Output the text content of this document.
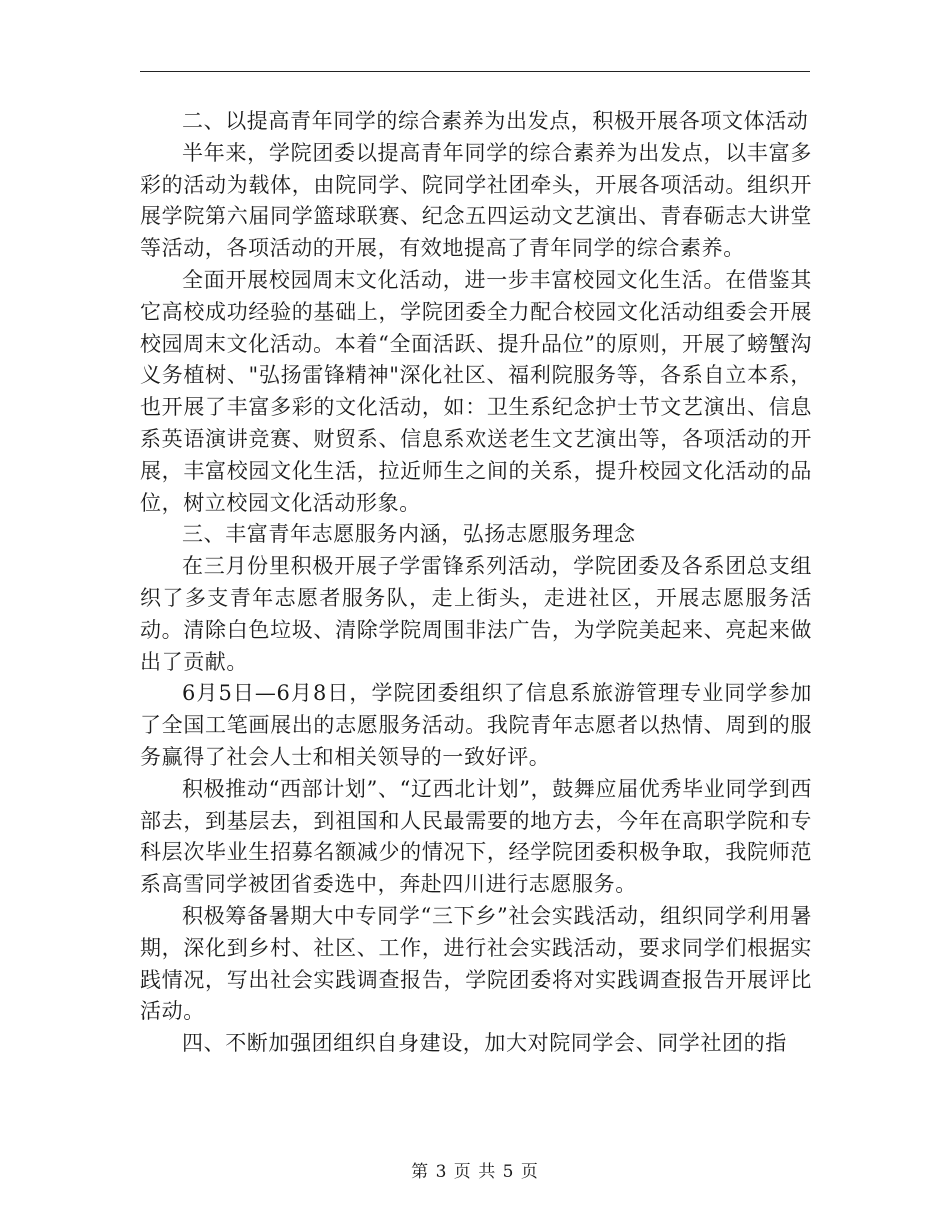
二、以提高青年同学的综合素养为出发点，积极开展各项文体活动

半年来，学院团委以提高青年同学的综合素养为出发点，以丰富多彩的活动为载体，由院同学、院同学社团牵头，开展各项活动。组织开展学院第六届同学篮球联赛、纪念五四运动文艺演出、青春砺志大讲堂等活动，各项活动的开展，有效地提高了青年同学的综合素养。

全面开展校园周末文化活动，进一步丰富校园文化生活。在借鉴其它高校成功经验的基础上，学院团委全力配合校园文化活动组委会开展校园周末文化活动。本着“全面活跃、提升品位”的原则，开展了螃蟹沟义务植树、"弘扬雷锋精神"深化社区、福利院服务等，各系自立本系，也开展了丰富多彩的文化活动，如：卫生系纪念护士节文艺演出、信息系英语演讲竞赛、财贸系、信息系欢送老生文艺演出等，各项活动的开展，丰富校园文化生活，拉近师生之间的关系，提升校园文化活动的品位，树立校园文化活动形象。

三、丰富青年志愿服务内涵，弘扬志愿服务理念

在三月份里积极开展子学雷锋系列活动，学院团委及各系团总支组织了多支青年志愿者服务队，走上街头，走进社区，开展志愿服务活动。清除白色垃圾、清除学院周围非法广告，为学院美起来、亮起来做出了贡献。

6月5日—6月8日，学院团委组织了信息系旅游管理专业同学参加了全国工笔画展出的志愿服务活动。我院青年志愿者以热情、周到的服务赢得了社会人士和相关领导的一致好评。

积极推动“西部计划”、“辽西北计划”，鼓舞应届优秀毕业同学到西部去，到基层去，到祖国和人民最需要的地方去，今年在高职学院和专科层次毕业生招募名额减少的情况下，经学院团委积极争取，我院师范系高雪同学被团省委选中，奔赴四川进行志愿服务。

积极筹备暑期大中专同学“三下乡”社会实践活动，组织同学利用暑期，深化到乡村、社区、工作，进行社会实践活动，要求同学们根据实践情况，写出社会实践调查报告，学院团委将对实践调查报告开展评比活动。

四、不断加强团组织自身建设，加大对院同学会、同学社团的指

第 3 页 共 5 页
